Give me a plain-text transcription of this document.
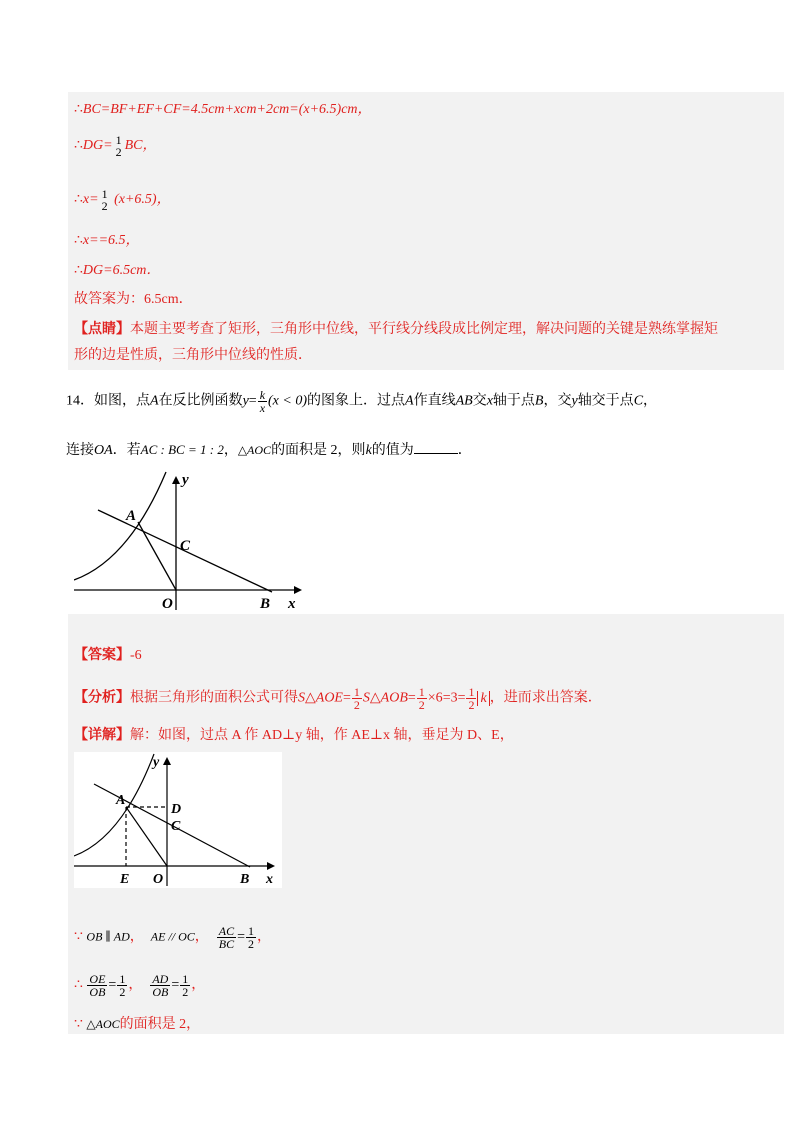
∴BC=BF+EF+CF=4.5cm+xcm+2cm=(x+6.5)cm，
∴DG= 1
2 BC，
∴x= 1
2 (x+6.5)，
∴x==6.5，
∴DG=6.5cm．
故答案为：6.5cm．
【点睛】本题主要考查了矩形，三角形中位线，平行线分线段成比例定理，解决问题的关键是熟练掌握矩
形的边是性质，三角形中位线的性质．
14．如图，点A在反比例函数$y= \frac{k}{x} (x < 0)$的图象上．过点A作直线AB交x轴于点B，交y轴交于点C，
连接OA．若AC : BC = 1 : 2，△AOC的面积是 2，则k的值为	．
A
C
O	B x
y
【答案】-6
【分析】根据三角形的面积公式可得S△AOE= $\frac{1}{2}$ S△AOB= $\frac{1}{2} \times 6=3= \frac{1}{2}$ k ，进而求出答案．
【详解】解：如图，过点 A 作 AD⊥y 轴，作 AE⊥x 轴，垂足为 D、E，
A
D
C
E O	B x
y
∵ OB ∥ AD， AE // OC， $\frac{AC}{BC} = \frac{1}{2}$ ，
∴ $\frac{OE}{OB} = \frac{1}{2}$ ， $\frac{AD}{OB} = \frac{1}{2}$ ，
∵ △AOC的面积是 2，
